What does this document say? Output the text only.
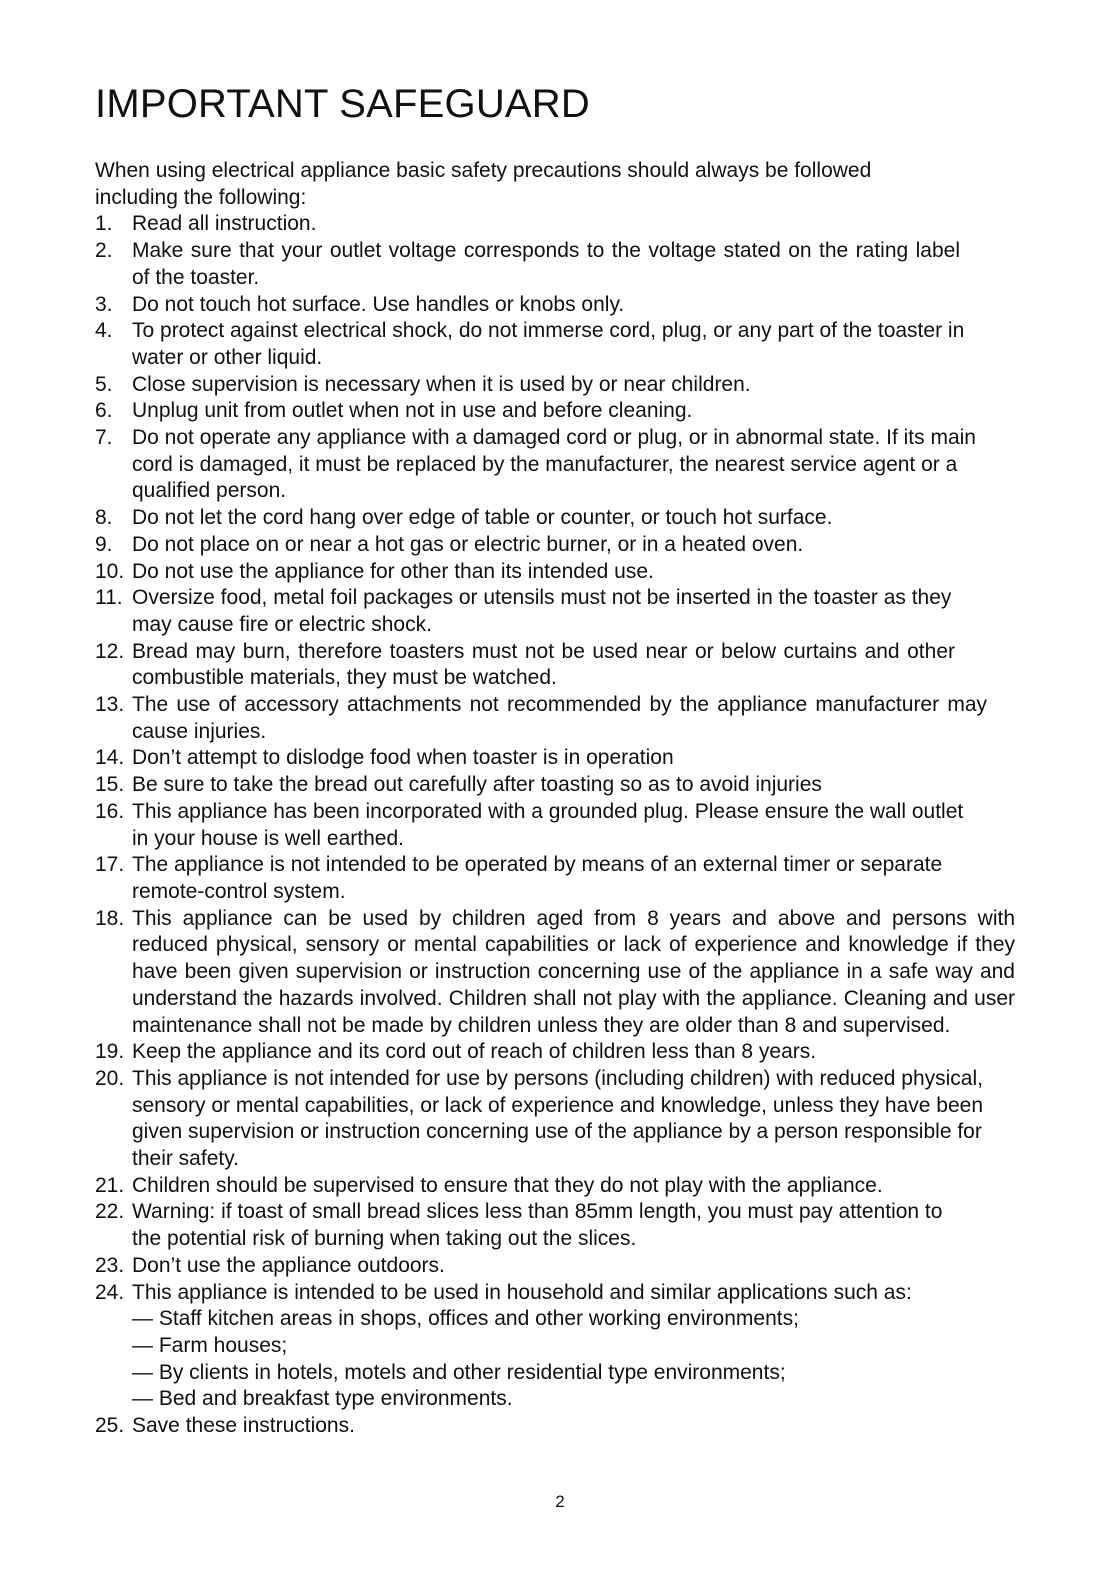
IMPORTANT SAFEGUARD

When using electrical appliance basic safety precautions should always be followed including the following:

1. Read all instruction.
2. Make sure that your outlet voltage corresponds to the voltage stated on the rating label of the toaster.
3. Do not touch hot surface. Use handles or knobs only.
4. To protect against electrical shock, do not immerse cord, plug, or any part of the toaster in water or other liquid.
5. Close supervision is necessary when it is used by or near children.
6. Unplug unit from outlet when not in use and before cleaning.
7. Do not operate any appliance with a damaged cord or plug, or in abnormal state. If its main cord is damaged, it must be replaced by the manufacturer, the nearest service agent or a qualified person.
8. Do not let the cord hang over edge of table or counter, or touch hot surface.
9. Do not place on or near a hot gas or electric burner, or in a heated oven.
10. Do not use the appliance for other than its intended use.
11. Oversize food, metal foil packages or utensils must not be inserted in the toaster as they may cause fire or electric shock.
12. Bread may burn, therefore toasters must not be used near or below curtains and other combustible materials, they must be watched.
13. The use of accessory attachments not recommended by the appliance manufacturer may cause injuries.
14. Don’t attempt to dislodge food when toaster is in operation
15. Be sure to take the bread out carefully after toasting so as to avoid injuries
16. This appliance has been incorporated with a grounded plug. Please ensure the wall outlet in your house is well earthed.
17. The appliance is not intended to be operated by means of an external timer or separate remote-control system.
18. This appliance can be used by children aged from 8 years and above and persons with reduced physical, sensory or mental capabilities or lack of experience and knowledge if they have been given supervision or instruction concerning use of the appliance in a safe way and understand the hazards involved. Children shall not play with the appliance. Cleaning and user maintenance shall not be made by children unless they are older than 8 and supervised.
19. Keep the appliance and its cord out of reach of children less than 8 years.
20. This appliance is not intended for use by persons (including children) with reduced physical, sensory or mental capabilities, or lack of experience and knowledge, unless they have been given supervision or instruction concerning use of the appliance by a person responsible for their safety.
21. Children should be supervised to ensure that they do not play with the appliance.
22. Warning: if toast of small bread slices less than 85mm length, you must pay attention to the potential risk of burning when taking out the slices.
23. Don’t use the appliance outdoors.
24. This appliance is intended to be used in household and similar applications such as:
— Staff kitchen areas in shops, offices and other working environments;
— Farm houses;
— By clients in hotels, motels and other residential type environments;
— Bed and breakfast type environments.
25. Save these instructions.
2
